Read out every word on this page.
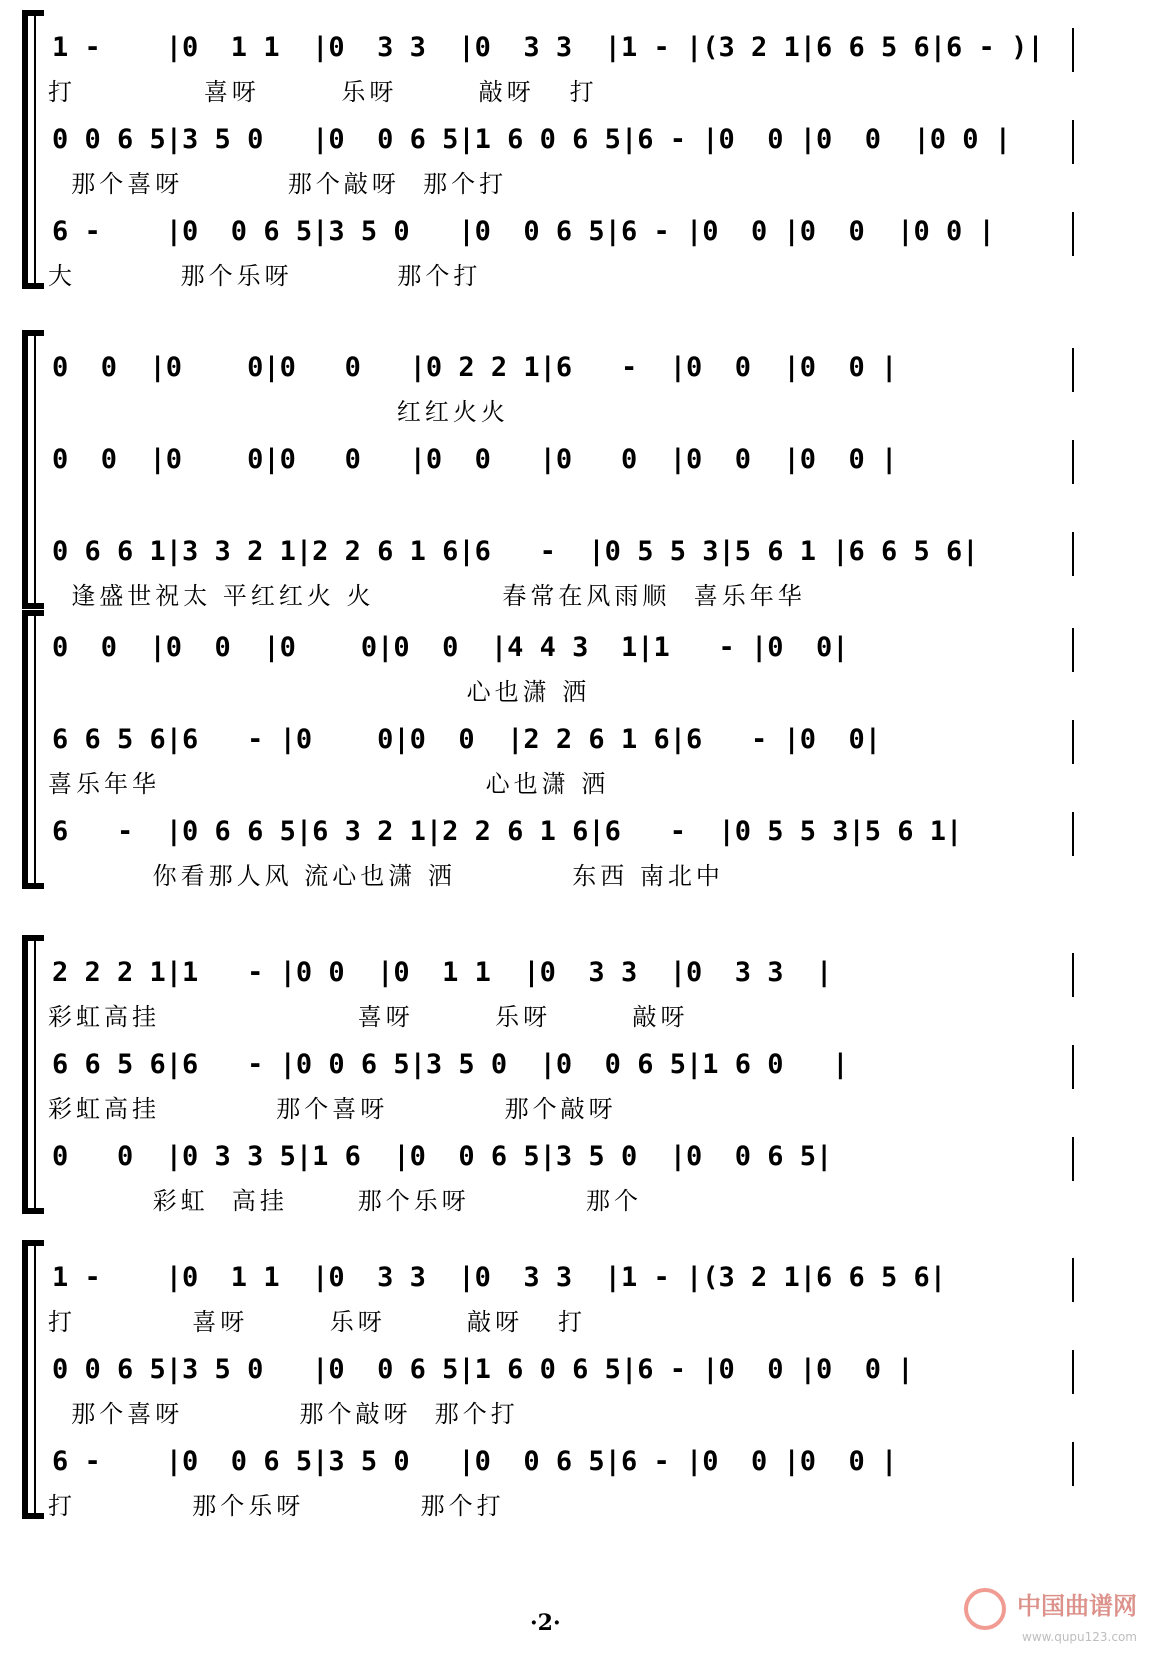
1 -    |0  1 1  |0  3 3  |0  3 3  |1 - |(3 2 1|6 6 5 6|6 - )|
打           喜呀       乐呀       敲呀   打
0 0 6 5|3 5 0   |0  0 6 5|1 6 0 6 5|6 - |0  0 |0  0  |0 0 |
那个喜呀         那个敲呀  那个打
6 -    |0  0 6 5|3 5 0   |0  0 6 5|6 - |0  0 |0  0  |0 0 |
大         那个乐呀         那个打
0  0  |0    0|0   0   |0 2 2 1|6   -  |0  0  |0  0 |
红红火火
0  0  |0    0|0   0   |0  0   |0   0  |0  0  |0  0 |
0 6 6 1|3 3 2 1|2 2 6 1 6|6   -  |0 5 5 3|5 6 1 |6 6 5 6|
逢盛世祝太 平红红火 火           春常在风雨顺  喜乐年华
0  0  |0  0  |0    0|0  0  |4 4 3  1|1   - |0  0|
心也潇 洒
6 6 5 6|6   - |0    0|0  0  |2 2 6 1 6|6   - |0  0|
喜乐年华                            心也潇 洒
6   -  |0 6 6 5|6 3 2 1|2 2 6 1 6|6   -  |0 5 5 3|5 6 1|
你看那人风 流心也潇 洒          东西 南北中
2 2 2 1|1   - |0 0  |0  1 1  |0  3 3  |0  3 3  |
彩虹高挂                 喜呀       乐呀       敲呀
6 6 5 6|6   - |0 0 6 5|3 5 0  |0  0 6 5|1 6 0   |
彩虹高挂          那个喜呀          那个敲呀
0   0  |0 3 3 5|1 6  |0  0 6 5|3 5 0  |0  0 6 5|
彩虹  高挂      那个乐呀          那个
1 -    |0  1 1  |0  3 3  |0  3 3  |1 - |(3 2 1|6 6 5 6|
打          喜呀       乐呀       敲呀   打
0 0 6 5|3 5 0   |0  0 6 5|1 6 0 6 5|6 - |0  0 |0  0 |
那个喜呀          那个敲呀  那个打
6 -    |0  0 6 5|3 5 0   |0  0 6 5|6 - |0  0 |0  0 |
打          那个乐呀          那个打
·2·
中国曲谱网
www.qupu123.com
